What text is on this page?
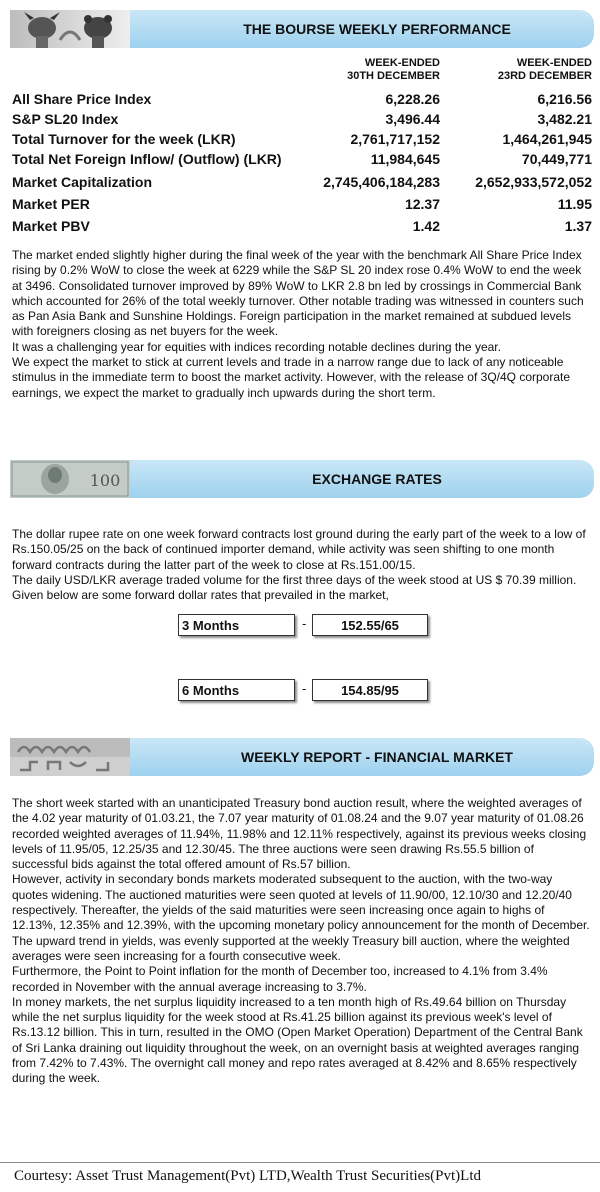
THE BOURSE WEEKLY PERFORMANCE
WEEK-ENDED
30TH DECEMBER
WEEK-ENDED
23RD DECEMBER
All Share Price Index	6,228.26	6,216.56
S&P SL20 Index	3,496.44	3,482.21
Total Turnover for the week (LKR)	2,761,717,152	1,464,261,945
Total Net Foreign Inflow/ (Outflow) (LKR)	11,984,645	70,449,771
Market Capitalization	2,745,406,184,283	2,652,933,572,052
Market PER	12.37	11.95
Market PBV	1.42	1.37

The market ended slightly higher during the final week of the year with the benchmark All Share Price Index rising by 0.2% WoW to close the week at 6229 while the S&P SL 20 index rose 0.4% WoW to end the week at 3496. Consolidated turnover improved by 89% WoW to LKR 2.8 bn led by crossings in Commercial Bank which accounted for 26% of the total weekly turnover. Other notable trading was witnessed in counters such as Pan Asia Bank and Sunshine Holdings. Foreign participation in the market remained at subdued levels with foreigners closing as net buyers for the week.

It was a challenging year for equities with indices recording notable declines during the year.

We expect the market to stick at current levels and trade in a narrow range due to lack of any noticeable stimulus in the immediate term to boost the market activity. However, with the release of 3Q/4Q corporate earnings, we expect the market to gradually inch upwards during the short term.

100	EXCHANGE RATES

The dollar rupee rate on one week forward contracts lost ground during the early part of the week to a low of Rs.150.05/25 on the back of continued importer demand, while activity was seen shifting to one month forward contracts during the latter part of the week to close at Rs.151.00/15.

The daily USD/LKR average traded volume for the first three days of the week stood at US $ 70.39 million. Given below are some forward dollar rates that prevailed in the market,

3 Months	-	152.55/65
6 Months	-	154.85/95
WEEKLY REPORT - FINANCIAL MARKET

The short week started with an unanticipated Treasury bond auction result, where the weighted averages of the 4.02 year maturity of 01.03.21, the 7.07 year maturity of 01.08.24 and the 9.07 year maturity of 01.08.26 recorded weighted averages of 11.94%, 11.98% and 12.11% respectively, against its previous weeks closing levels of 11.95/05, 12.25/35 and 12.30/45. The three auctions were seen drawing Rs.55.5 billion of successful bids against the total offered amount of Rs.57 billion.

However, activity in secondary bonds markets moderated subsequent to the auction, with the two-way quotes widening. The auctioned maturities were seen quoted at levels of 11.90/00, 12.10/30 and 12.20/40 respectively. Thereafter, the yields of the said maturities were seen increasing once again to highs of 12.13%, 12.35% and 12.39%, with the upcoming monetary policy announcement for the month of December. The upward trend in yields, was evenly supported at the weekly Treasury bill auction, where the weighted averages were seen increasing for a fourth consecutive week.

Furthermore, the Point to Point inflation for the month of December too, increased to 4.1% from 3.4% recorded in November with the annual average increasing to 3.7%.

In money markets, the net surplus liquidity increased to a ten month high of Rs.49.64 billion on Thursday while the net surplus liquidity for the week stood at Rs.41.25 billion against its previous week's level of Rs.13.12 billion. This in turn, resulted in the OMO (Open Market Operation) Department of the Central Bank of Sri Lanka draining out liquidity throughout the week, on an overnight basis at weighted averages ranging from 7.42% to 7.43%. The overnight call money and repo rates averaged at 8.42% and 8.65% respectively during the week.

Courtesy: Asset Trust Management(Pvt) LTD,Wealth Trust Securities(Pvt)Ltd
